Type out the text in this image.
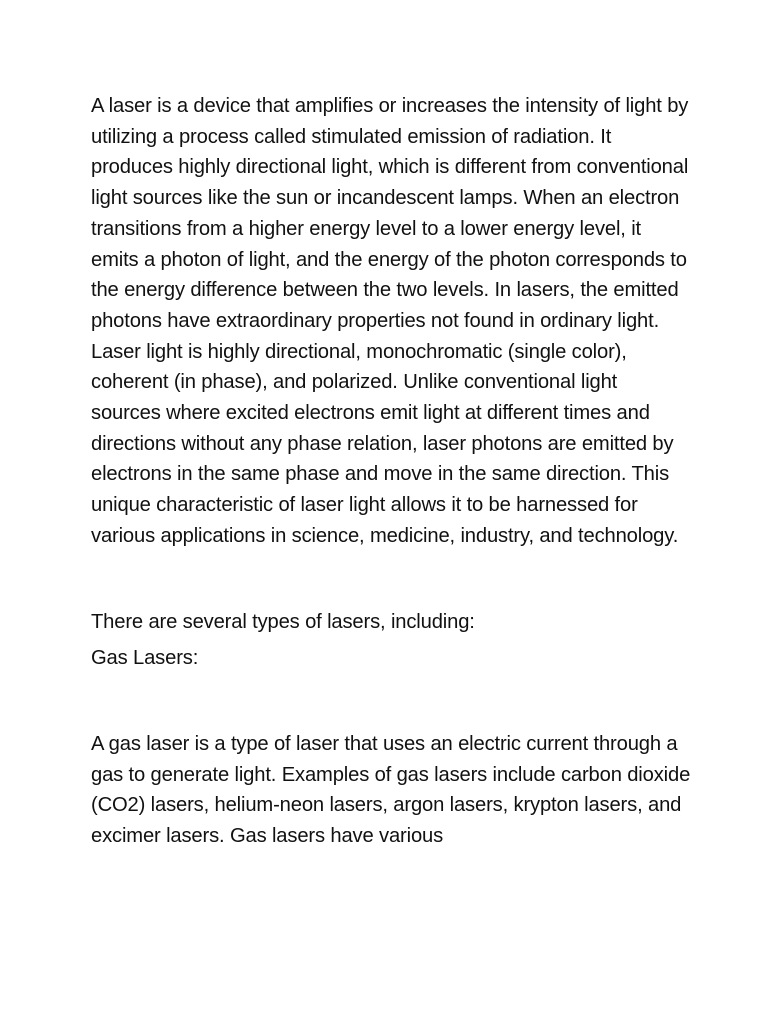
A laser is a device that amplifies or increases the intensity of light by utilizing a process called stimulated emission of radiation. It produces highly directional light, which is different from conventional light sources like the sun or incandescent lamps. When an electron transitions from a higher energy level to a lower energy level, it emits a photon of light, and the energy of the photon corresponds to the energy difference between the two levels. In lasers, the emitted photons have extraordinary properties not found in ordinary light. Laser light is highly directional, monochromatic (single color), coherent (in phase), and polarized. Unlike conventional light sources where excited electrons emit light at different times and directions without any phase relation, laser photons are emitted by electrons in the same phase and move in the same direction. This unique characteristic of laser light allows it to be harnessed for various applications in science, medicine, industry, and technology.

There are several types of lasers, including:

Gas Lasers:

A gas laser is a type of laser that uses an electric current through a gas to generate light. Examples of gas lasers include carbon dioxide (CO2) lasers, helium-neon lasers, argon lasers, krypton lasers, and excimer lasers. Gas lasers have various
